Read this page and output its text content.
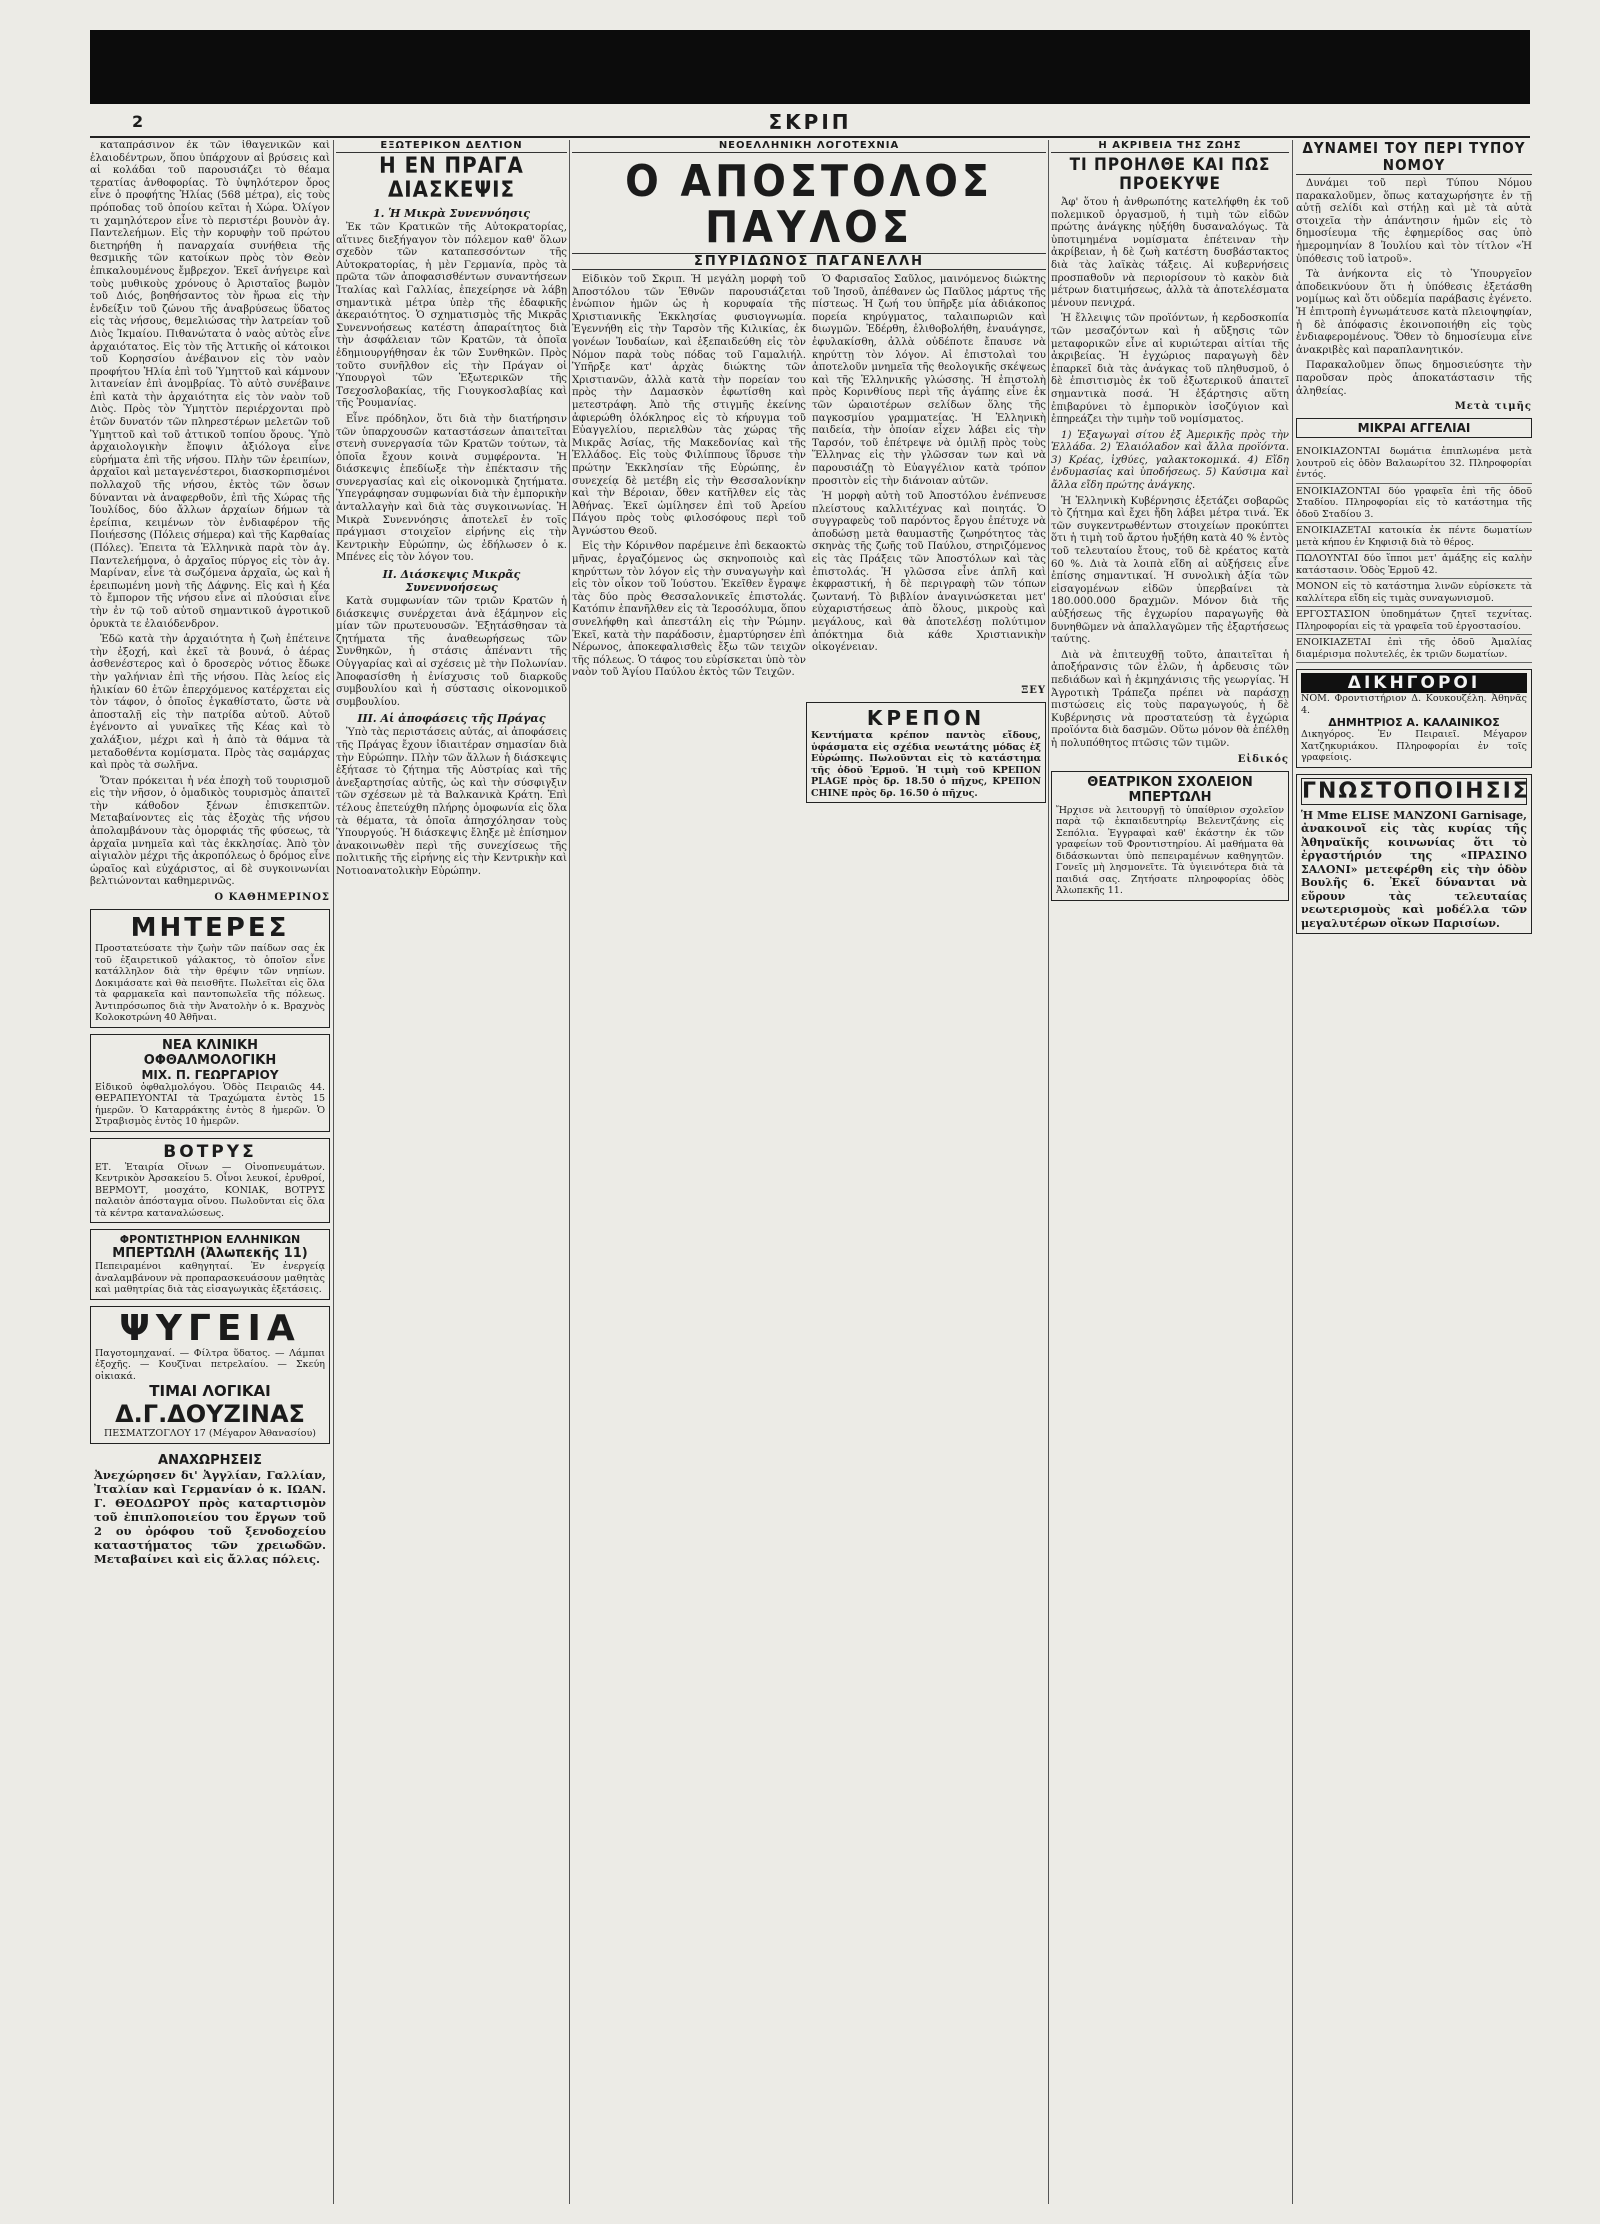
2	ΣΚΡΙΠ

καταπράσινον ἐκ τῶν ἰθαγενικῶν καὶ ἐλαιοδέντρων, ὅπου ὑπάρχουν αἱ βρύσεις καὶ αἱ κολάδαι τοῦ παρουσιάζει τὸ θέαμα τερατίας ἀνθοφορίας. Τὸ ὑψηλότερον ὄρος εἶνε ὁ προφήτης Ἠλίας (568 μέτρα), εἰς τοὺς πρόποδας τοῦ ὁποίου κεῖται ἡ Χώρα. Ὀλίγον τι χαμηλότερον εἶνε τὸ περιστέρι βουνὸν ἁγ. Παντελεήμων. Εἰς τὴν κορυφὴν τοῦ πρώτου διετηρήθη ἡ παναρχαία συνήθεια τῆς θεσμικῆς τῶν κατοίκων πρὸς τὸν Θεὸν ἐπικαλουμένους ἔμβρεχον. Ἐκεῖ ἀνήγειρε καὶ τοὺς μυθικοὺς χρόνους ὁ Ἀρισταῖος βωμὸν τοῦ Διός, βοηθήσαντος τὸν ἥρωα εἰς τὴν ἐνδείξιν τοῦ ζώνου τῆς ἀναβρύσεως ὕδατος εἰς τὰς νήσους, θεμελιώσας τὴν λατρείαν τοῦ Διὸς Ἰκμαίου. Πιθανώτατα ὁ ναὸς αὐτὸς εἶνε ἀρχαιότατος. Εἰς τὸν τῆς Ἀττικῆς οἱ κάτοικοι τοῦ Κορησσίου ἀνέβαινον εἰς τὸν ναὸν προφήτου Ἠλία ἐπὶ τοῦ Ὑμηττοῦ καὶ κάμνουν λιτανείαν ἐπὶ ἀνομβρίας. Τὸ αὐτὸ συνέβαινε ἐπὶ κατὰ τὴν ἀρχαιότητα εἰς τὸν ναὸν τοῦ Διὸς. Πρὸς τὸν Ὑμηττὸν περιέρχονται πρὸ ἐτῶν δυνατόν τῶν πληρεστέρων μελετῶν τοῦ Ὑμηττοῦ καὶ τοῦ ἀττικοῦ τοπίου ὅρους. Ὑπὸ ἀρχαιολογικὴν ἔποψιν ἀξιόλογα εἶνε εὑρήματα ἐπὶ τῆς νήσου. Πλὴν τῶν ἐρειπίων, ἀρχαῖοι καὶ μεταγενέστεροι, διασκορπισμένοι πολλαχοῦ τῆς νήσου, ἐκτὸς τῶν ὅσων δύνανται νὰ ἀναφερθοῦν, ἐπὶ τῆς Χώρας τῆς Ἰουλίδος, δύο ἄλλων ἀρχαίων δήμων τὰ ἐρείπια, κειμένων τὸν ἐνδιαφέρον τῆς Ποιήεσσης (Πόλεις σήμερα) καὶ τῆς Καρθαίας (Πόλες). Ἐπειτα τὰ Ἑλληνικὰ παρὰ τὸν ἁγ. Παντελεήμονα, ὁ ἀρχαῖος πύργος εἰς τὸν ἁγ. Μαρίναν, εἶνε τὰ σωζόμενα ἀρχαῖα, ὡς καὶ ἡ ἐρειπωμένη μονὴ τῆς Δάφνης. Εἰς καὶ ἡ Κέα τὸ ἔμπορον τῆς νήσου εἶνε αἱ πλούσιαι εἶνε τὴν ἐν τῷ τοῦ αὐτοῦ σημαντικοῦ ἀγροτικοῦ ὀρυκτὰ τε ἐλαιόδενδρον.

Ἐδῶ κατὰ τὴν ἀρχαιότητα ἡ ζωὴ ἐπέτεινε τὴν ἐξοχή, καὶ ἐκεῖ τὰ βουνά, ὁ ἀέρας ἀσθενέστερος καὶ ὁ δροσερὸς νότιος ἔδωκε τὴν γαλήνιαν ἐπὶ τῆς νήσου. Πὰς λείος εἰς ἡλικίαν 60 ἐτῶν ἐπερχόμενος κατέρχεται εἰς τὸν τάφον, ὁ ὁποῖος ἐγκαθίστατο, ὥστε νὰ ἀποσταλῇ εἰς τὴν πατρίδα αὐτοῦ. Αὐτοῦ ἐγένοντο αἱ γυναῖκες τῆς Κέας καὶ τὸ χαλάξιον, μέχρι καὶ ἡ ἀπὸ τὰ θάμνα τὰ μεταδοθέντα κομίσματα. Πρὸς τὰς σαμάρχας καὶ πρὸς τὰ σωλῆνα.

Ὅταν πρόκειται ἡ νέα ἐποχὴ τοῦ τουρισμοῦ εἰς τὴν νῆσον, ὁ ὁμαδικὸς τουρισμὸς ἀπαιτεῖ τὴν κάθοδον ξένων ἐπισκεπτῶν. Μεταβαίνοντες εἰς τὰς ἐξοχὰς τῆς νήσου ἀπολαμβάνουν τὰς ὀμορφιάς τῆς φύσεως, τὰ ἀρχαῖα μνημεῖα καὶ τὰς ἐκκλησίας. Ἀπὸ τὸν αἰγιαλὸν μέχρι τῆς ἀκροπόλεως ὁ δρόμος εἶνε ὡραῖος καὶ εὐχάριστος, αἱ δὲ συγκοινωνίαι βελτιώνονται καθημερινῶς.

Ο ΚΑΘΗΜΕΡΙΝΟΣ
ΜΗΤΕΡΕΣ
Προστατεύσατε τὴν ζωὴν τῶν παίδων σας ἐκ τοῦ ἐξαιρετικοῦ γάλακτος, τὸ ὁποῖον εἶνε κατάλληλον διὰ τὴν θρέψιν τῶν νηπίων. Δοκιμάσατε καὶ θὰ πεισθῆτε. Πωλεῖται εἰς ὅλα τὰ φαρμακεῖα καὶ παντοπωλεῖα τῆς πόλεως. Ἀντιπρόσωπος διὰ τὴν Ἀνατολὴν ὁ κ. Βραχνὸς Κολοκοτρώνη 40 Ἀθῆναι.
ΝΕΑ ΚΛΙΝΙΚΗ ΟΦΘΑΛΜΟΛΟΓΙΚΗ
ΜΙΧ. Π. ΓΕΩΡΓΑΡΙΟΥ
Εἰδικοῦ ὀφθαλμολόγου. Ὁδὸς Πειραιῶς 44. ΘΕΡΑΠΕΥΟΝΤΑΙ τὰ Τραχώματα ἐντὸς 15 ἡμερῶν. Ὁ Καταρράκτης ἐντὸς 8 ἡμερῶν. Ὁ Στραβισμὸς ἐντὸς 10 ἡμερῶν.
ΒΟΤΡΥΣ
ΕΤ. Ἑταιρία Οἴνων — Οἰνοπνευμάτων. Κεντρικὸν Ἀρσακείου 5. Οἶνοι λευκοί, ἐρυθροί, ΒΕΡΜΟΥΤ, μοσχάτο, ΚΟΝΙΑΚ, ΒΟΤΡΥΣ παλαιὸν ἀπόσταγμα οἴνου. Πωλοῦνται εἰς ὅλα τὰ κέντρα καταναλώσεως.
ΦΡΟΝΤΙΣΤΗΡΙΟΝ ΕΛΛΗΝΙΚΩΝ
ΜΠΕΡΤΩΛΗ (Ἀλωπεκῆς 11)
Πεπειραμένοι καθηγηταί. Ἐν ἐνεργείᾳ ἀναλαμβάνουν νὰ προπαρασκευάσουν μαθητὰς καὶ μαθητρίας διὰ τὰς εἰσαγωγικὰς ἐξετάσεις.
ΨΥΓΕΙΑ
Παγοτομηχαναί. — Φίλτρα ὕδατος. — Λάμπαι ἐξοχῆς. — Κουζῖναι πετρελαίου. — Σκεύη οἰκιακά.
ΤΙΜΑΙ ΛΟΓΙΚΑΙ
Δ.Γ.ΔΟΥΖΙΝΑΣ
ΠΕΣΜΑΤΖΟΓΛΟΥ 17 (Μέγαρον Ἀθανασίου)
ΑΝΑΧΩΡΗΣΕΙΣ
Ἀνεχώρησεν δι' Ἀγγλίαν, Γαλλίαν, Ἰταλίαν καὶ Γερμανίαν ὁ κ. ΙΩΑΝ. Γ. ΘΕΟΔΩΡΟΥ πρὸς καταρτισμὸν τοῦ ἐπιπλοποιείου του ἔργων τοῦ 2 ου ὀρόφου τοῦ ξενοδοχείου καταστήματος τῶν χρειωδῶν. Μεταβαίνει καὶ εἰς ἄλλας πόλεις.
ΕΞΩΤΕΡΙΚΟΝ ΔΕΛΤΙΟΝ
Η ΕΝ ΠΡΑΓΑ ΔΙΑΣΚΕΨΙΣ
1. Ἡ Μικρὰ Συνεννόησις

Ἐκ τῶν Κρατικῶν τῆς Αὐτοκρατορίας, αἵτινες διεξήγαγον τὸν πόλεμον καθ' ὅλων σχεδὸν τῶν καταπεσσόντων τῆς Αὐτοκρατορίας, ἡ μὲν Γερμανία, πρὸς τὰ πρῶτα τῶν ἀποφασισθέντων συναντήσεων Ἰταλίας καὶ Γαλλίας, ἐπεχείρησε νὰ λάβῃ σημαντικὰ μέτρα ὑπὲρ τῆς ἐδαφικῆς ἀκεραιότητος. Ὁ σχηματισμὸς τῆς Μικρᾶς Συνεννοήσεως κατέστη ἀπαραίτητος διὰ τὴν ἀσφάλειαν τῶν Κρατῶν, τὰ ὁποῖα ἐδημιουργήθησαν ἐκ τῶν Συνθηκῶν. Πρὸς τοῦτο συνῆλθον εἰς τὴν Πράγαν οἱ Ὑπουργοὶ τῶν Ἐξωτερικῶν τῆς Τσεχοσλοβακίας, τῆς Γιουγκοσλαβίας καὶ τῆς Ῥουμανίας.

Εἶνε πρόδηλον, ὅτι διὰ τὴν διατήρησιν τῶν ὑπαρχουσῶν καταστάσεων ἀπαιτεῖται στενὴ συνεργασία τῶν Κρατῶν τούτων, τὰ ὁποῖα ἔχουν κοινὰ συμφέροντα. Ἡ διάσκεψις ἐπεδίωξε τὴν ἐπέκτασιν τῆς συνεργασίας καὶ εἰς οἰκονομικὰ ζητήματα. Ὑπεγράφησαν συμφωνίαι διὰ τὴν ἐμπορικὴν ἀνταλλαγὴν καὶ διὰ τὰς συγκοινωνίας. Ἡ Μικρὰ Συνεννόησις ἀποτελεῖ ἐν τοῖς πράγμασι στοιχεῖον εἰρήνης εἰς τὴν Κεντρικὴν Εὐρώπην, ὡς ἐδήλωσεν ὁ κ. Μπένες εἰς τὸν λόγον του.

II. Διάσκεψις Μικρᾶς Συνεννοήσεως

Κατὰ συμφωνίαν τῶν τριῶν Κρατῶν ἡ διάσκεψις συνέρχεται ἀνὰ ἑξάμηνον εἰς μίαν τῶν πρωτευουσῶν. Ἐξητάσθησαν τὰ ζητήματα τῆς ἀναθεωρήσεως τῶν Συνθηκῶν, ἡ στάσις ἀπέναντι τῆς Οὑγγαρίας καὶ αἱ σχέσεις μὲ τὴν Πολωνίαν. Ἀποφασίσθη ἡ ἐνίσχυσις τοῦ διαρκοῦς συμβουλίου καὶ ἡ σύστασις οἰκονομικοῦ συμβουλίου.

III. Αἱ ἀποφάσεις τῆς Πράγας

Ὑπὸ τὰς περιστάσεις αὐτάς, αἱ ἀποφάσεις τῆς Πράγας ἔχουν ἰδιαιτέραν σημασίαν διὰ τὴν Εὐρώπην. Πλὴν τῶν ἄλλων ἡ διάσκεψις ἐξήτασε τὸ ζήτημα τῆς Αὐστρίας καὶ τῆς ἀνεξαρτησίας αὐτῆς, ὡς καὶ τὴν σύσφιγξιν τῶν σχέσεων μὲ τὰ Βαλκανικὰ Κράτη. Ἐπὶ τέλους ἐπετεύχθη πλήρης ὁμοφωνία εἰς ὅλα τὰ θέματα, τὰ ὁποῖα ἀπησχόλησαν τοὺς Ὑπουργούς. Ἡ διάσκεψις ἔληξε μὲ ἐπίσημον ἀνακοινωθὲν περὶ τῆς συνεχίσεως τῆς πολιτικῆς τῆς εἰρήνης εἰς τὴν Κεντρικὴν καὶ Νοτιοανατολικὴν Εὐρώπην.

ΝΕΟΕΛΛΗΝΙΚΗ ΛΟΓΟΤΕΧΝΙΑ
Ο ΑΠΟΣΤΟΛΟΣ ΠΑΥΛΟΣ
ΣΠΥΡΙΔΩΝΟΣ ΠΑΓΑΝΕΛΛΗ

Εἰδικὸν τοῦ Σκριπ. Ἡ μεγάλη μορφὴ τοῦ Ἀποστόλου τῶν Ἐθνῶν παρουσιάζεται ἐνώπιον ἡμῶν ὡς ἡ κορυφαία τῆς Χριστιανικῆς Ἐκκλησίας φυσιογνωμία. Ἐγεννήθη εἰς τὴν Ταρσὸν τῆς Κιλικίας, ἐκ γονέων Ἰουδαίων, καὶ ἐξεπαιδεύθη εἰς τὸν Νόμον παρὰ τοὺς πόδας τοῦ Γαμαλιήλ. Ὑπῆρξε κατ' ἀρχὰς διώκτης τῶν Χριστιανῶν, ἀλλὰ κατὰ τὴν πορείαν του πρὸς τὴν Δαμασκὸν ἐφωτίσθη καὶ μετεστράφη. Ἀπὸ τῆς στιγμῆς ἐκείνης ἀφιερώθη ὁλόκληρος εἰς τὸ κήρυγμα τοῦ Εὐαγγελίου, περιελθὼν τὰς χώρας τῆς Μικρᾶς Ἀσίας, τῆς Μακεδονίας καὶ τῆς Ἑλλάδος. Εἰς τοὺς Φιλίππους ἵδρυσε τὴν πρώτην Ἐκκλησίαν τῆς Εὐρώπης, ἐν συνεχείᾳ δὲ μετέβη εἰς τὴν Θεσσαλονίκην καὶ τὴν Βέροιαν, ὅθεν κατῆλθεν εἰς τὰς Ἀθήνας. Ἐκεῖ ὡμίλησεν ἐπὶ τοῦ Ἀρείου Πάγου πρὸς τοὺς φιλοσόφους περὶ τοῦ Ἀγνώστου Θεοῦ.

Εἰς τὴν Κόρινθον παρέμεινε ἐπὶ δεκαοκτὼ μῆνας, ἐργαζόμενος ὡς σκηνοποιὸς καὶ κηρύττων τὸν λόγον εἰς τὴν συναγωγὴν καὶ εἰς τὸν οἶκον τοῦ Ἰούστου. Ἐκεῖθεν ἔγραψε τὰς δύο πρὸς Θεσσαλονικεῖς ἐπιστολάς. Κατόπιν ἐπανῆλθεν εἰς τὰ Ἱεροσόλυμα, ὅπου συνελήφθη καὶ ἀπεστάλη εἰς τὴν Ῥώμην. Ἐκεῖ, κατὰ τὴν παράδοσιν, ἐμαρτύρησεν ἐπὶ Νέρωνος, ἀποκεφαλισθεὶς ἔξω τῶν τειχῶν τῆς πόλεως. Ὁ τάφος του εὑρίσκεται ὑπὸ τὸν ναὸν τοῦ Ἁγίου Παύλου ἐκτὸς τῶν Τειχῶν.

Ὁ Φαρισαῖος Σαῦλος, μαινόμενος διώκτης τοῦ Ἰησοῦ, ἀπέθανεν ὡς Παῦλος μάρτυς τῆς πίστεως. Ἡ ζωή του ὑπῆρξε μία ἀδιάκοπος πορεία κηρύγματος, ταλαιπωριῶν καὶ διωγμῶν. Ἐδέρθη, ἐλιθοβολήθη, ἐναυάγησε, ἐφυλακίσθη, ἀλλὰ οὐδέποτε ἔπαυσε νὰ κηρύττῃ τὸν λόγον. Αἱ ἐπιστολαὶ του ἀποτελοῦν μνημεῖα τῆς θεολογικῆς σκέψεως καὶ τῆς Ἑλληνικῆς γλώσσης. Ἡ ἐπιστολὴ πρὸς Κορινθίους περὶ τῆς ἀγάπης εἶνε ἐκ τῶν ὡραιοτέρων σελίδων ὅλης τῆς παγκοσμίου γραμματείας. Ἡ Ἑλληνικὴ παιδεία, τὴν ὁποίαν εἶχεν λάβει εἰς τὴν Ταρσόν, τοῦ ἐπέτρεψε νὰ ὁμιλῇ πρὸς τοὺς Ἕλληνας εἰς τὴν γλῶσσαν των καὶ νὰ παρουσιάζῃ τὸ Εὐαγγέλιον κατὰ τρόπον προσιτὸν εἰς τὴν διάνοιαν αὐτῶν.

Ἡ μορφὴ αὐτὴ τοῦ Ἀποστόλου ἐνέπνευσε πλείστους καλλιτέχνας καὶ ποιητάς. Ὁ συγγραφεὺς τοῦ παρόντος ἔργου ἐπέτυχε νὰ ἀποδώσῃ μετὰ θαυμαστῆς ζωηρότητος τὰς σκηνὰς τῆς ζωῆς τοῦ Παύλου, στηριζόμενος εἰς τὰς Πράξεις τῶν Ἀποστόλων καὶ τὰς ἐπιστολάς. Ἡ γλῶσσα εἶνε ἁπλῆ καὶ ἐκφραστική, ἡ δὲ περιγραφὴ τῶν τόπων ζωντανή. Τὸ βιβλίον ἀναγινώσκεται μετ' εὐχαριστήσεως ἀπὸ ὅλους, μικροὺς καὶ μεγάλους, καὶ θὰ ἀποτελέσῃ πολύτιμον ἀπόκτημα διὰ κάθε Χριστιανικὴν οἰκογένειαν.

ΞΕΥ
ΚΡΕΠΟΝ
Κεντήματα κρέπον παντὸς εἴδους, ὑφάσματα εἰς σχέδια νεωτάτης μόδας ἐξ Εὐρώπης. Πωλοῦνται εἰς τὸ κατάστημα τῆς ὁδοῦ Ἑρμοῦ. Ἡ τιμὴ τοῦ ΚΡΕΠΟΝ PLAGE πρὸς δρ. 18.50 ὁ πῆχυς, ΚΡΕΠΟΝ CHINE πρὸς δρ. 16.50 ὁ πῆχυς.
Η ΑΚΡΙΒΕΙΑ ΤΗΣ ΖΩΗΣ
ΤΙ ΠΡΟΗΛΘΕ ΚΑΙ ΠΩΣ ΠΡΟΕΚΥΨΕ

Ἀφ' ὅτου ἡ ἀνθρωπότης κατελήφθη ἐκ τοῦ πολεμικοῦ ὀργασμοῦ, ἡ τιμὴ τῶν εἰδῶν πρώτης ἀνάγκης ηὐξήθη δυσαναλόγως. Τὰ ὑποτιμημένα νομίσματα ἐπέτειναν τὴν ἀκρίβειαν, ἡ δὲ ζωὴ κατέστη δυσβάστακτος διὰ τὰς λαϊκὰς τάξεις. Αἱ κυβερνήσεις προσπαθοῦν νὰ περιορίσουν τὸ κακὸν διὰ μέτρων διατιμήσεως, ἀλλὰ τὰ ἀποτελέσματα μένουν πενιχρά.

Ἡ ἔλλειψις τῶν προϊόντων, ἡ κερδοσκοπία τῶν μεσαζόντων καὶ ἡ αὔξησις τῶν μεταφορικῶν εἶνε αἱ κυριώτεραι αἰτίαι τῆς ἀκριβείας. Ἡ ἐγχώριος παραγωγὴ δὲν ἐπαρκεῖ διὰ τὰς ἀνάγκας τοῦ πληθυσμοῦ, ὁ δὲ ἐπισιτισμὸς ἐκ τοῦ ἐξωτερικοῦ ἀπαιτεῖ σημαντικὰ ποσά. Ἡ ἐξάρτησις αὕτη ἐπιβαρύνει τὸ ἐμπορικὸν ἰσοζύγιον καὶ ἐπηρεάζει τὴν τιμὴν τοῦ νομίσματος.

1) Ἐξαγωγαὶ σίτου ἐξ Ἀμερικῆς πρὸς τὴν Ἑλλάδα. 2) Ἐλαιόλαδον καὶ ἄλλα προϊόντα. 3) Κρέας, ἰχθύες, γαλακτοκομικά. 4) Εἴδη ἐνδυμασίας καὶ ὑποδήσεως. 5) Καύσιμα καὶ ἄλλα εἴδη πρώτης ἀνάγκης.

Ἡ Ἑλληνικὴ Κυβέρνησις ἐξετάζει σοβαρῶς τὸ ζήτημα καὶ ἔχει ἤδη λάβει μέτρα τινά. Ἐκ τῶν συγκεντρωθέντων στοιχείων προκύπτει ὅτι ἡ τιμὴ τοῦ ἄρτου ἠυξήθη κατὰ 40 % ἐντὸς τοῦ τελευταίου ἔτους, τοῦ δὲ κρέατος κατὰ 60 %. Διὰ τὰ λοιπὰ εἴδη αἱ αὐξήσεις εἶνε ἐπίσης σημαντικαί. Ἡ συνολικὴ ἀξία τῶν εἰσαγομένων εἰδῶν ὑπερβαίνει τὰ 180.000.000 δραχμῶν. Μόνον διὰ τῆς αὐξήσεως τῆς ἐγχωρίου παραγωγῆς θὰ δυνηθῶμεν νὰ ἀπαλλαγῶμεν τῆς ἐξαρτήσεως ταύτης.

Διὰ νὰ ἐπιτευχθῇ τοῦτο, ἀπαιτεῖται ἡ ἀποξήρανσις τῶν ἑλῶν, ἡ ἀρδευσις τῶν πεδιάδων καὶ ἡ ἐκμηχάνισις τῆς γεωργίας. Ἡ Ἀγροτικὴ Τράπεζα πρέπει νὰ παράσχῃ πιστώσεις εἰς τοὺς παραγωγούς, ἡ δὲ Κυβέρνησις νὰ προστατεύσῃ τὰ ἐγχώρια προϊόντα διὰ δασμῶν. Οὕτω μόνον θὰ ἐπέλθῃ ἡ πολυπόθητος πτῶσις τῶν τιμῶν.

Εἰδικός
ΘΕΑΤΡΙΚΟΝ ΣΧΟΛΕΙΟΝ ΜΠΕΡΤΩΛΗ
Ἤρχισε νὰ λειτουργῇ τὸ ὑπαίθριον σχολεῖον παρὰ τῷ ἐκπαιδευτηρίῳ Βελεντζάνης εἰς Σεπόλια. Ἐγγραφαὶ καθ' ἑκάστην ἐκ τῶν γραφείων τοῦ Φροντιστηρίου. Αἱ μαθήματα θὰ διδάσκωνται ὑπὸ πεπειραμένων καθηγητῶν. Γονεῖς μὴ λησμονεῖτε. Τὰ ὑγιεινότερα διὰ τὰ παιδιά σας. Ζητήσατε πληροφορίας ὁδὸς Ἀλωπεκῆς 11.
ΔΥΝΑΜΕΙ ΤΟΥ ΠΕΡΙ ΤΥΠΟΥ ΝΟΜΟΥ

Δυνάμει τοῦ περὶ Τύπου Νόμου παρακαλοῦμεν, ὅπως καταχωρήσητε ἐν τῇ αὐτῇ σελίδι καὶ στήλῃ καὶ μὲ τὰ αὐτὰ στοιχεῖα τὴν ἀπάντησιν ἡμῶν εἰς τὸ δημοσίευμα τῆς ἐφημερίδος σας ὑπὸ ἡμερομηνίαν 8 Ἰουλίου καὶ τὸν τίτλον «Ἡ ὑπόθεσις τοῦ ἰατροῦ».

Τὰ ἀνήκοντα εἰς τὸ Ὑπουργεῖον ἀποδεικνύουν ὅτι ἡ ὑπόθεσις ἐξετάσθη νομίμως καὶ ὅτι οὐδεμία παράβασις ἐγένετο. Ἡ ἐπιτροπὴ ἐγνωμάτευσε κατὰ πλειοψηφίαν, ἡ δὲ ἀπόφασις ἐκοινοποιήθη εἰς τοὺς ἐνδιαφερομένους. Ὅθεν τὸ δημοσίευμα εἶνε ἀνακριβὲς καὶ παραπλανητικόν.

Παρακαλοῦμεν ὅπως δημοσιεύσητε τὴν παροῦσαν πρὸς ἀποκατάστασιν τῆς ἀληθείας.

Μετὰ τιμῆς
ΜΙΚΡΑΙ ΑΓΓΕΛΙΑΙ
ΕΝΟΙΚΙΑΖΟΝΤΑΙ δωμάτια ἐπιπλωμένα μετὰ λουτροῦ εἰς ὁδὸν Βαλαωρίτου 32. Πληροφορίαι ἐντός.
ΕΝΟΙΚΙΑΖΟΝΤΑΙ δύο γραφεῖα ἐπὶ τῆς ὁδοῦ Σταδίου. Πληροφορίαι εἰς τὸ κατάστημα τῆς ὁδοῦ Σταδίου 3.
ΕΝΟΙΚΙΑΖΕΤΑΙ κατοικία ἐκ πέντε δωματίων μετὰ κήπου ἐν Κηφισιᾷ διὰ τὸ θέρος.
ΠΩΛΟΥΝΤΑΙ δύο ἵπποι μετ' ἁμάξης εἰς καλὴν κατάστασιν. Ὁδὸς Ἑρμοῦ 42.
ΜΟΝΟΝ εἰς τὸ κατάστημα λινῶν εὑρίσκετε τὰ καλλίτερα εἴδη εἰς τιμὰς συναγωνισμοῦ.
ΕΡΓΟΣΤΑΣΙΟΝ ὑποδημάτων ζητεῖ τεχνίτας. Πληροφορίαι εἰς τὰ γραφεῖα τοῦ ἐργοστασίου.
ΕΝΟΙΚΙΑΖΕΤΑΙ ἐπὶ τῆς ὁδοῦ Ἀμαλίας διαμέρισμα πολυτελές, ἐκ τριῶν δωματίων.
ΔΙΚΗΓΟΡΟΙ
ΝΟΜ. Φροντιστήριον Δ. Κουκουζέλη. Ἀθηνᾶς 4.
ΔΗΜΗΤΡΙΟΣ Α. ΚΑΛΑΙΝΙΚΟΣ
Δικηγόρος. Ἐν Πειραιεῖ. Μέγαρον Χατζηκυριάκου. Πληροφορίαι ἐν τοῖς γραφείοις.
ΓΝΩΣΤΟΠΟΙΗΣΙΣ
Ἡ Mme ELISE MANZONI Garnisage, ἀνακοινοῖ εἰς τὰς κυρίας τῆς Ἀθηναϊκῆς κοινωνίας ὅτι τὸ ἐργαστήριόν της «ΠΡΑΣΙΝΟ ΣΑΛΟΝΙ» μετεφέρθη εἰς τὴν ὁδὸν Βουλῆς 6. Ἐκεῖ δύνανται νὰ εὕρουν τὰς τελευταίας νεωτερισμοὺς καὶ μοδέλλα τῶν μεγαλυτέρων οἴκων Παρισίων.
